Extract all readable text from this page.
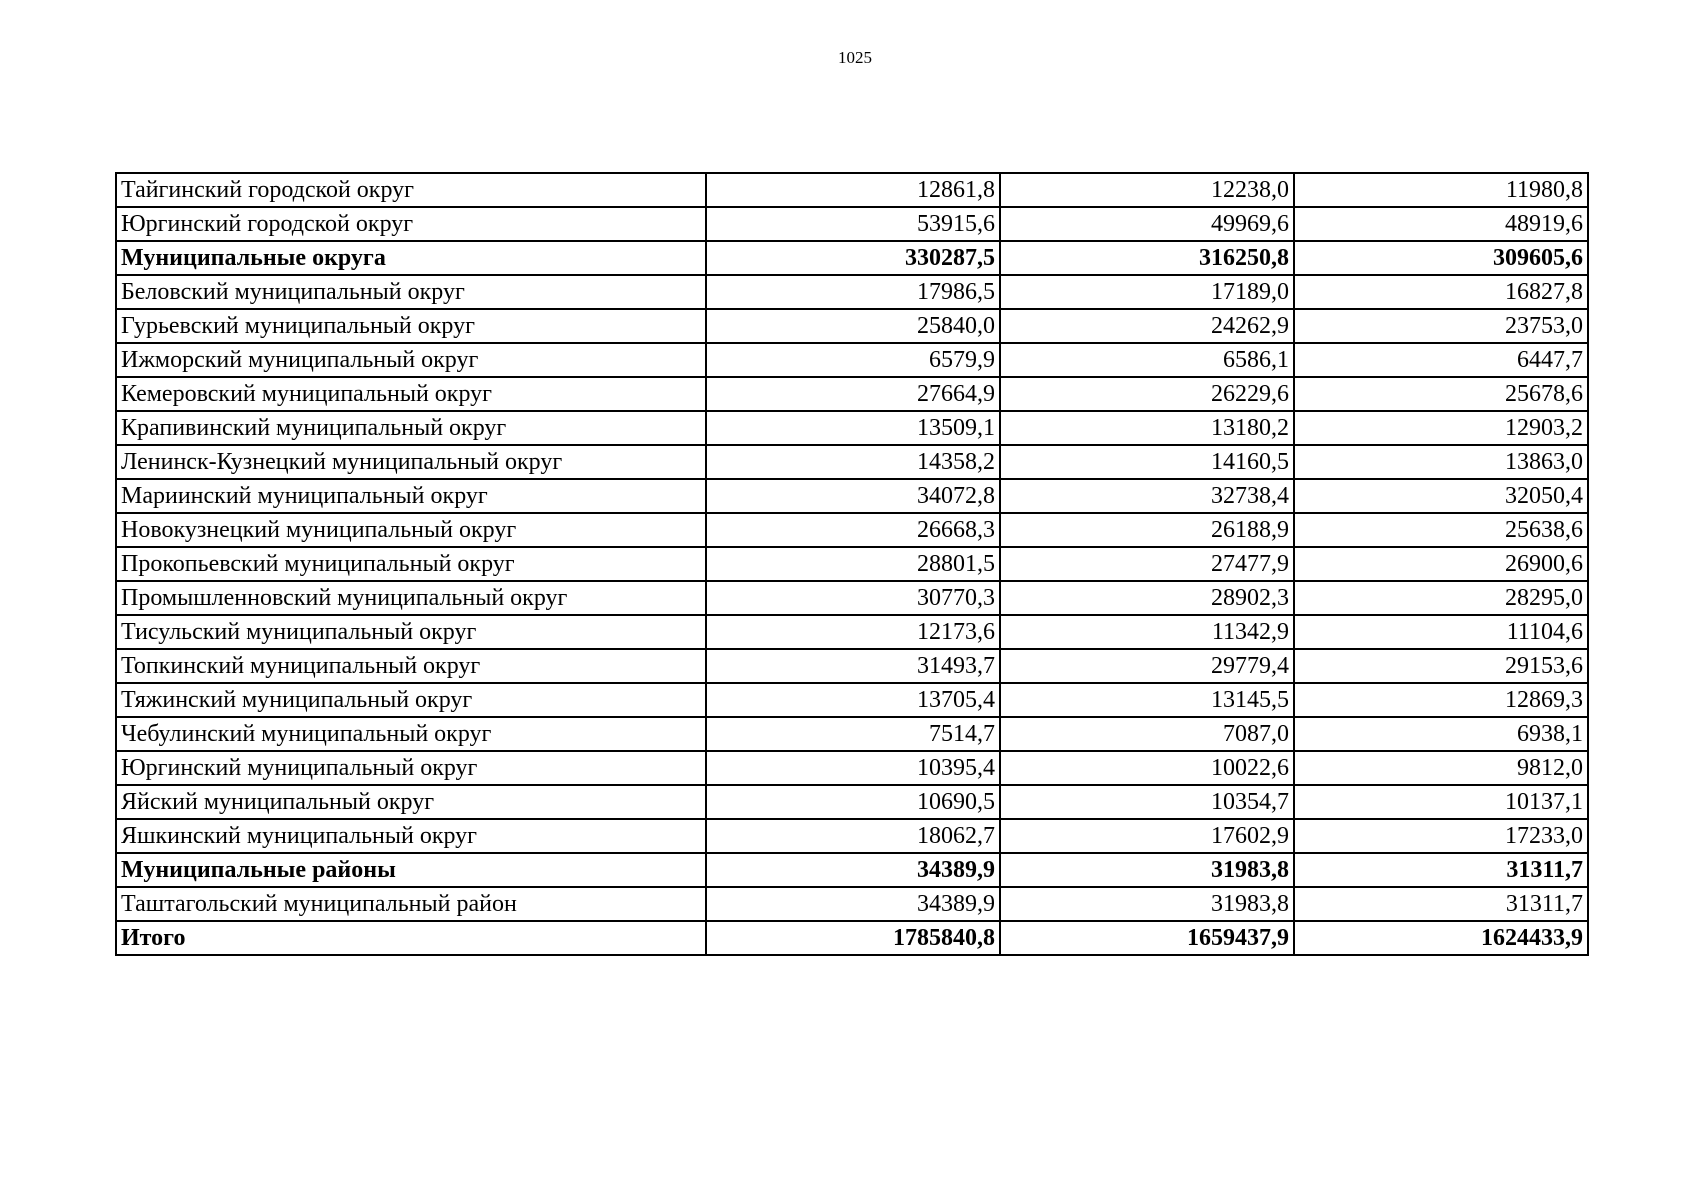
1025
Тайгинский городской округ	12861,8	12238,0	11980,8
Юргинский городской округ	53915,6	49969,6	48919,6
Муниципальные округа	330287,5	316250,8	309605,6
Беловский муниципальный округ	17986,5	17189,0	16827,8
Гурьевский муниципальный округ	25840,0	24262,9	23753,0
Ижморский муниципальный округ	6579,9	6586,1	6447,7
Кемеровский муниципальный округ	27664,9	26229,6	25678,6
Крапивинский муниципальный округ	13509,1	13180,2	12903,2
Ленинск-Кузнецкий муниципальный округ	14358,2	14160,5	13863,0
Мариинский муниципальный округ	34072,8	32738,4	32050,4
Новокузнецкий муниципальный округ	26668,3	26188,9	25638,6
Прокопьевский муниципальный округ	28801,5	27477,9	26900,6
Промышленновский муниципальный округ	30770,3	28902,3	28295,0
Тисульский муниципальный округ	12173,6	11342,9	11104,6
Топкинский муниципальный округ	31493,7	29779,4	29153,6
Тяжинский муниципальный округ	13705,4	13145,5	12869,3
Чебулинский муниципальный округ	7514,7	7087,0	6938,1
Юргинский муниципальный округ	10395,4	10022,6	9812,0
Яйский муниципальный округ	10690,5	10354,7	10137,1
Яшкинский муниципальный округ	18062,7	17602,9	17233,0
Муниципальные районы	34389,9	31983,8	31311,7
Таштагольский муниципальный район	34389,9	31983,8	31311,7
Итого	1785840,8	1659437,9	1624433,9
